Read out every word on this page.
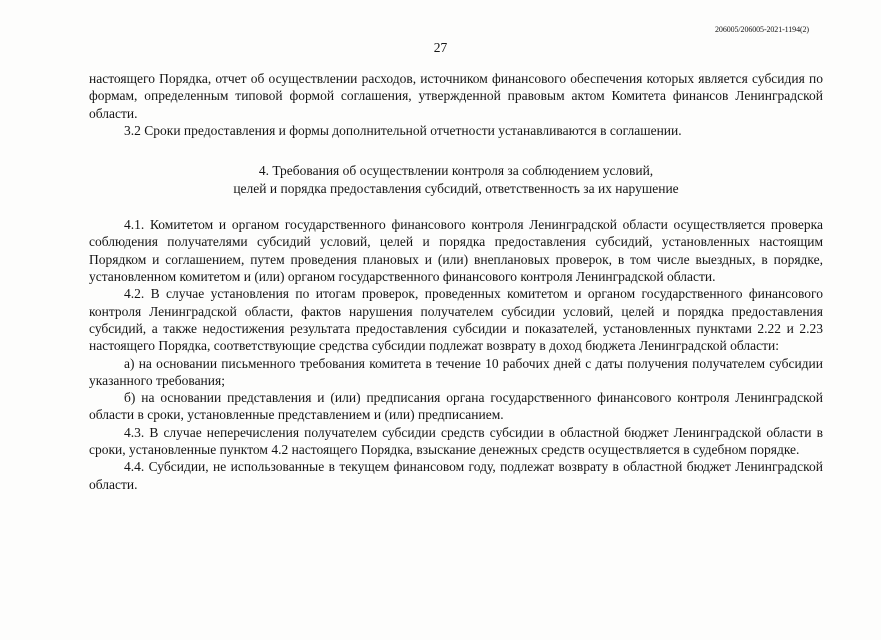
206005/206005-2021-1194(2)
27

настоящего Порядка, отчет об осуществлении расходов, источником финансового обеспечения которых является субсидия по формам, определенным типовой формой соглашения, утвержденной правовым актом Комитета финансов Ленинградской области.

3.2 Сроки предоставления и формы дополнительной отчетности устанавливаются в соглашении.

4. Требования об осуществлении контроля за соблюдением условий,
целей и порядка предоставления субсидий, ответственность за их нарушение

4.1. Комитетом и органом государственного финансового контроля Ленинградской области осуществляется проверка соблюдения получателями субсидий условий, целей и порядка предоставления субсидий, установленных настоящим Порядком и соглашением, путем проведения плановых и (или) внеплановых проверок, в том числе выездных, в порядке, установленном комитетом и (или) органом государственного финансового контроля Ленинградской области.

4.2. В случае установления по итогам проверок, проведенных комитетом и органом государственного финансового контроля Ленинградской области, фактов нарушения получателем субсидии условий, целей и порядка предоставления субсидий, а также недостижения результата предоставления субсидии и показателей, установленных пунктами 2.22 и 2.23 настоящего Порядка, соответствующие средства субсидии подлежат возврату в доход бюджета Ленинградской области:

а) на основании письменного требования комитета в течение 10 рабочих дней с даты получения получателем субсидии указанного требования;

б) на основании представления и (или) предписания органа государственного финансового контроля Ленинградской области в сроки, установленные представлением и (или) предписанием.

4.3. В случае неперечисления получателем субсидии средств субсидии в областной бюджет Ленинградской области в сроки, установленные пунктом 4.2 настоящего Порядка, взыскание денежных средств осуществляется в судебном порядке.

4.4. Субсидии, не использованные в текущем финансовом году, подлежат возврату в областной бюджет Ленинградской области.
